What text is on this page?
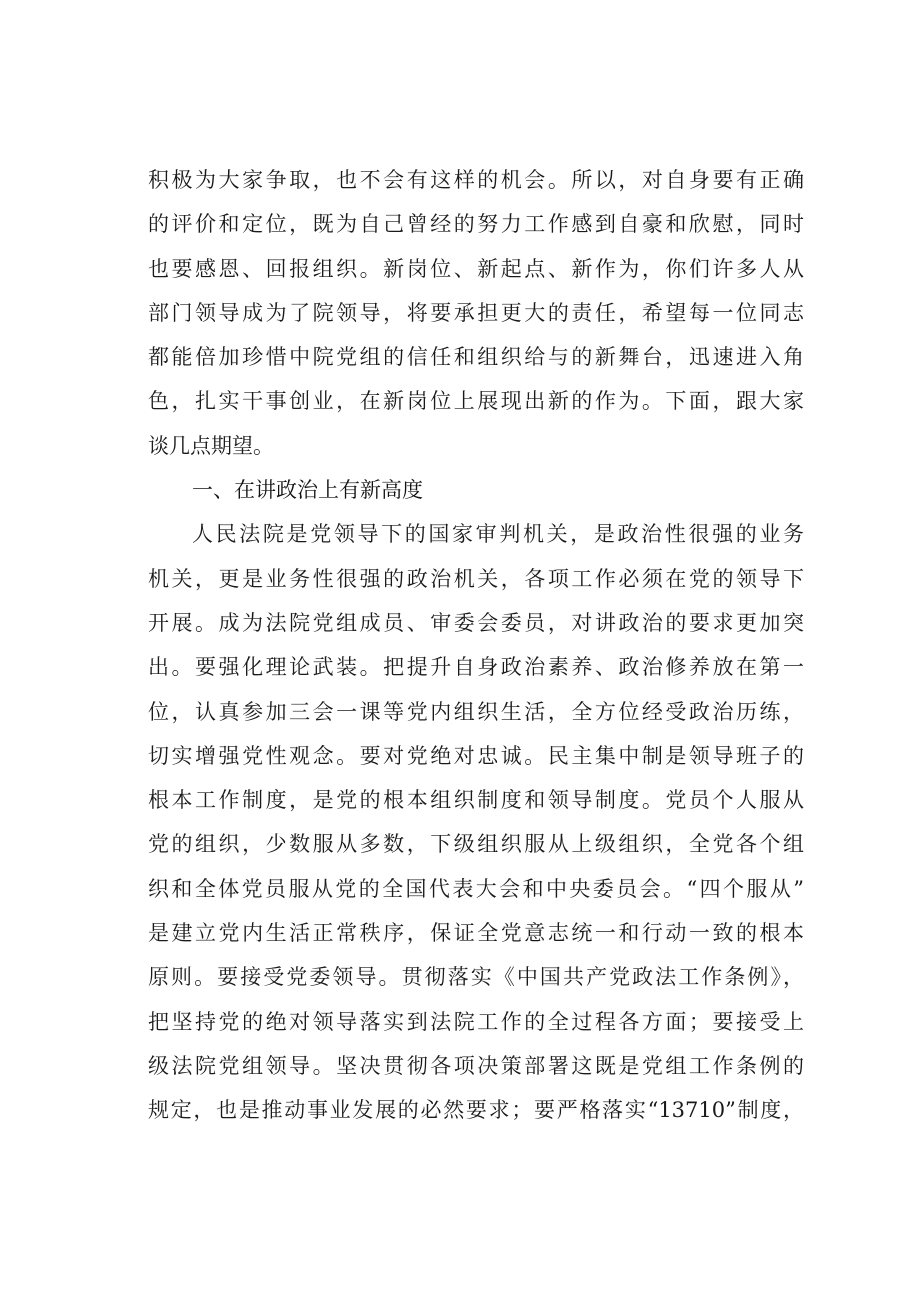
积极为大家争取，也不会有这样的机会。所以，对自身要有正确
的评价和定位，既为自己曾经的努力工作感到自豪和欣慰，同时
也要感恩、回报组织。新岗位、新起点、新作为，你们许多人从
部门领导成为了院领导，将要承担更大的责任，希望每一位同志
都能倍加珍惜中院党组的信任和组织给与的新舞台，迅速进入角
色，扎实干事创业，在新岗位上展现出新的作为。下面，跟大家
谈几点期望。
一、在讲政治上有新高度
人民法院是党领导下的国家审判机关，是政治性很强的业务
机关，更是业务性很强的政治机关，各项工作必须在党的领导下
开展。成为法院党组成员、审委会委员，对讲政治的要求更加突
出。要强化理论武装。把提升自身政治素养、政治修养放在第一
位，认真参加三会一课等党内组织生活，全方位经受政治历练，
切实增强党性观念。要对党绝对忠诚。民主集中制是领导班子的
根本工作制度，是党的根本组织制度和领导制度。党员个人服从
党的组织，少数服从多数，下级组织服从上级组织，全党各个组
织和全体党员服从党的全国代表大会和中央委员会。“四个服从”
是建立党内生活正常秩序，保证全党意志统一和行动一致的根本
原则。要接受党委领导。贯彻落实《中国共产党政法工作条例》，
把坚持党的绝对领导落实到法院工作的全过程各方面；要接受上
级法院党组领导。坚决贯彻各项决策部署这既是党组工作条例的
规定，也是推动事业发展的必然要求；要严格落实“13710”制度，
